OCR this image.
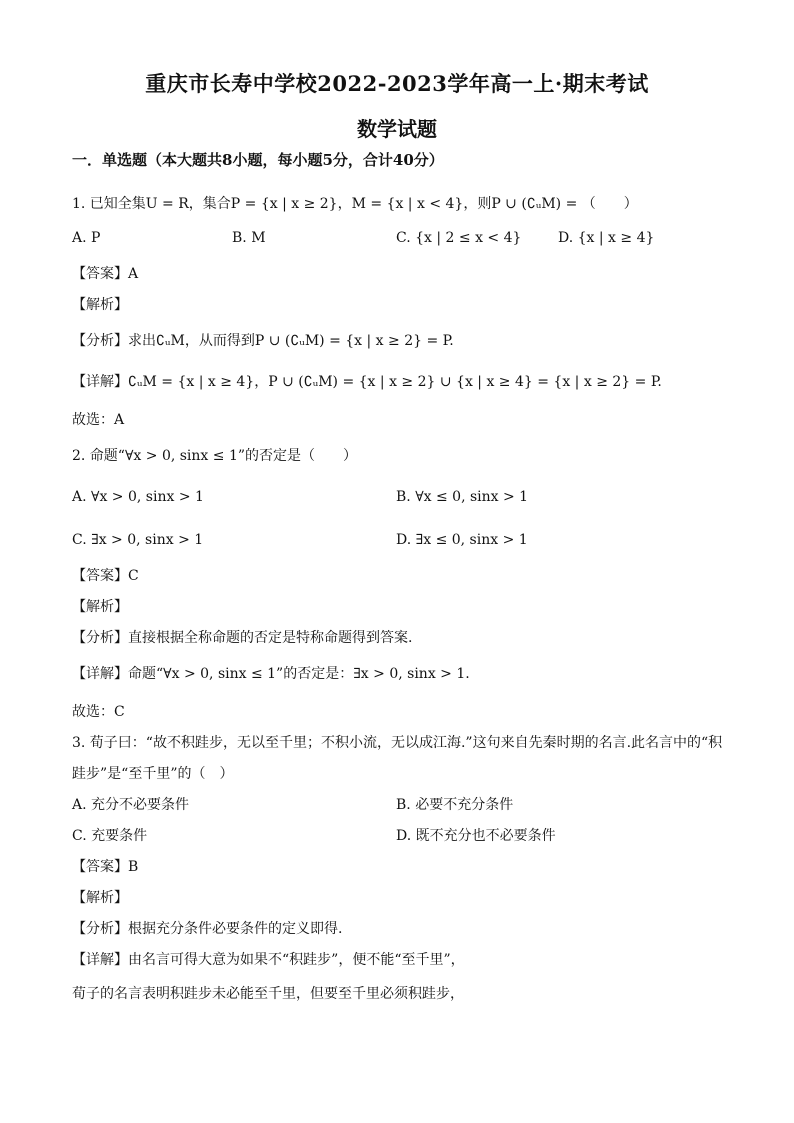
重庆市长寿中学校2022-2023学年高一上·期末考试
数学试题
一．单选题（本大题共8小题，每小题5分，合计40分）
1. 已知全集U = R，集合P = {x | x ≥ 2}，M = {x | x < 4}，则P ∪ (∁ᵤM) = （　　）
A. P	B. M	C. {x | 2 ≤ x < 4}	D. {x | x ≥ 4}
【答案】A
【解析】
【分析】求出∁ᵤM，从而得到P ∪ (∁ᵤM) = {x | x ≥ 2} = P.
【详解】∁ᵤM = {x | x ≥ 4}，P ∪ (∁ᵤM) = {x | x ≥ 2} ∪ {x | x ≥ 4} = {x | x ≥ 2} = P.
故选：A
2. 命题“∀x > 0, sinx ≤ 1”的否定是（　　）
A. ∀x > 0, sinx > 1	B. ∀x ≤ 0, sinx > 1
C. ∃x > 0, sinx > 1	D. ∃x ≤ 0, sinx > 1
【答案】C
【解析】
【分析】直接根据全称命题的否定是特称命题得到答案.
【详解】命题“∀x > 0, sinx ≤ 1”的否定是：∃x > 0, sinx > 1.
故选：C
3. 荀子曰：“故不积跬步，无以至千里；不积小流，无以成江海.”这句来自先秦时期的名言.此名言中的“积
跬步”是“至千里”的（　）
A. 充分不必要条件	B. 必要不充分条件
C. 充要条件	D. 既不充分也不必要条件
【答案】B
【解析】
【分析】根据充分条件必要条件的定义即得.
【详解】由名言可得大意为如果不“积跬步”，便不能“至千里”，
荀子的名言表明积跬步未必能至千里，但要至千里必须积跬步，
